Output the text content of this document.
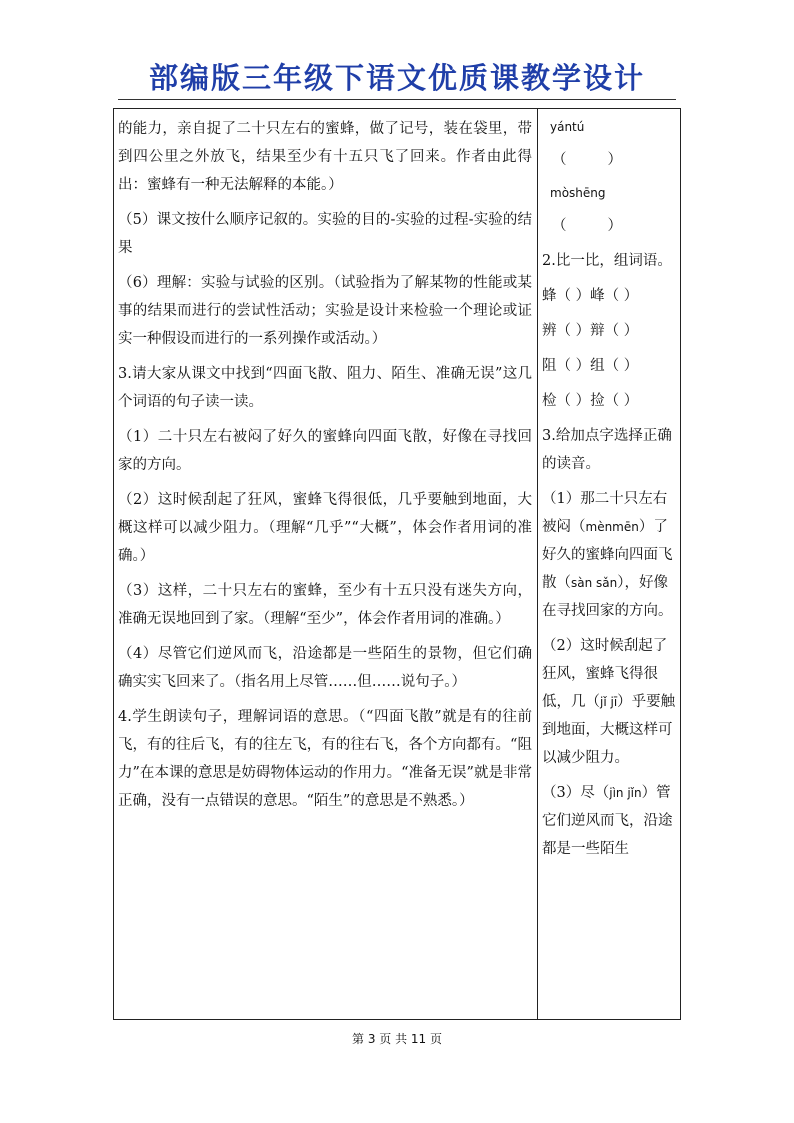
部编版三年级下语文优质课教学设计

的能力，亲自捉了二十只左右的蜜蜂，做了记号，装在袋里，带到四公里之外放飞，结果至少有十五只飞了回来。作者由此得出：蜜蜂有一种无法解释的本能。）

（5）课文按什么顺序记叙的。实验的目的-实验的过程-实验的结果

（6）理解：实验与试验的区别。（试验指为了解某物的性能或某事的结果而进行的尝试性活动；实验是设计来检验一个理论或证实一种假设而进行的一系列操作或活动。）

3.请大家从课文中找到“四面飞散、阻力、陌生、准确无误”这几个词语的句子读一读。

（1）二十只左右被闷了好久的蜜蜂向四面飞散，好像在寻找回家的方向。

（2）这时候刮起了狂风，蜜蜂飞得很低，几乎要触到地面，大概这样可以减少阻力。（理解“几乎”“大概”，体会作者用词的准确。）

（3）这样，二十只左右的蜜蜂，至少有十五只没有迷失方向，准确无误地回到了家。（理解“至少”，体会作者用词的准确。）

（4）尽管它们逆风而飞，沿途都是一些陌生的景物，但它们确确实实飞回来了。（指名用上尽管……但……说句子。）

4.学生朗读句子，理解词语的意思。（“四面飞散”就是有的往前飞，有的往后飞，有的往左飞，有的往右飞，各个方向都有。“阻力”在本课的意思是妨碍物体运动的作用力。“准备无误”就是非常正确，没有一点错误的意思。“陌生”的意思是不熟悉。）

yántú

（　　）

mòshēng

（　　）

2.比一比，组词语。

蜂（ ）峰（ ）

辨（ ）辩（ ）

阻（ ）组（ ）

检（ ）捡（ ）

3.给加点字选择正确的读音。

（1）那二十只左右被闷（mènmēn）了好久的蜜蜂向四面飞散（sàn sǎn），好像在寻找回家的方向。

（2）这时候刮起了狂风，蜜蜂飞得很低，几（jǐ jī）乎要触到地面，大概这样可以减少阻力。

（3）尽（jìn jǐn）管它们逆风而飞，沿途都是一些陌生

第 3 页 共 11 页
